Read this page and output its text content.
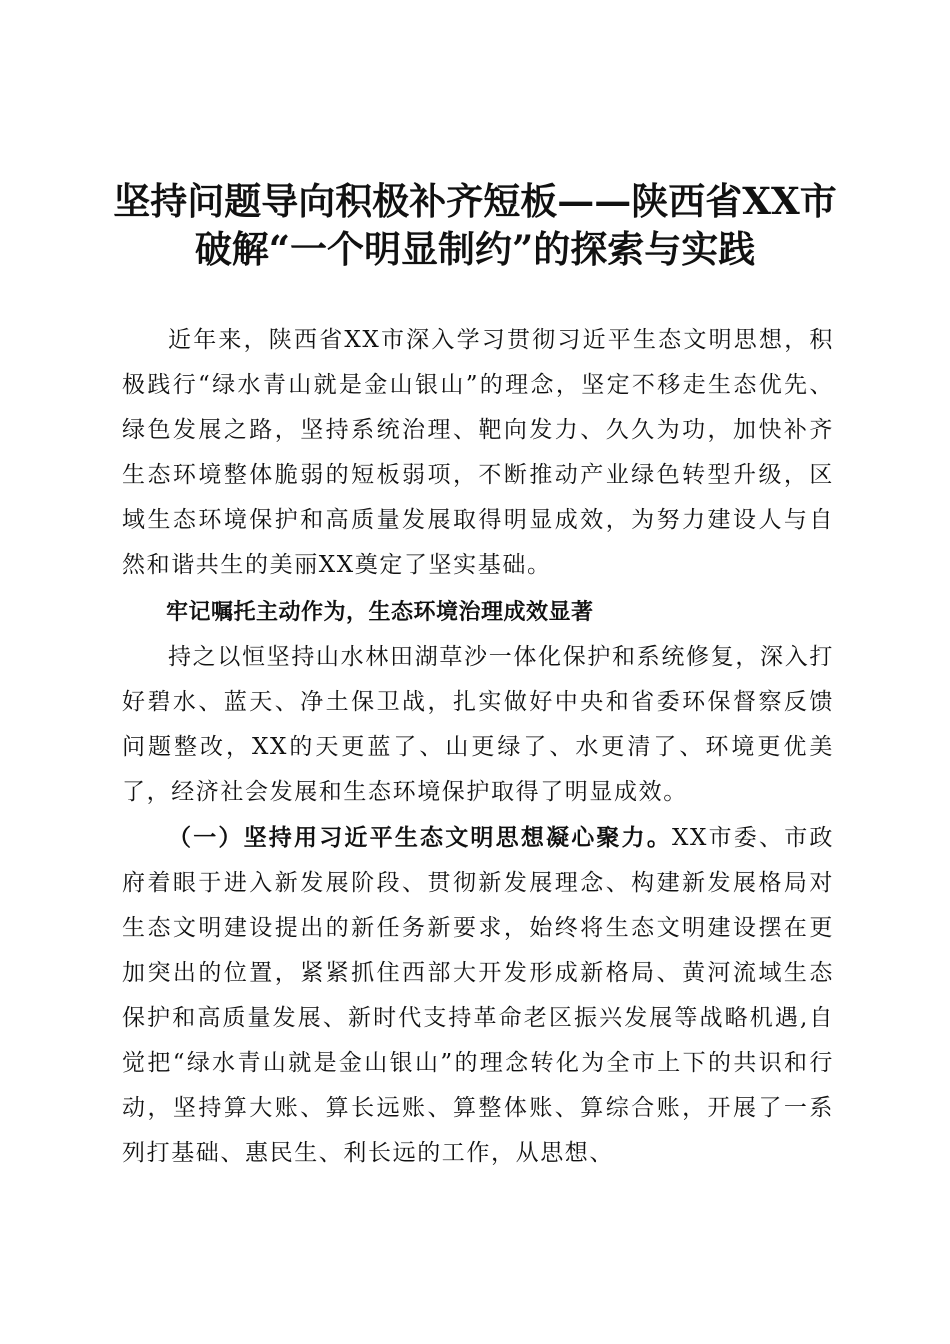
坚持问题导向积极补齐短板——陕西省XX市
破解“一个明显制约”的探索与实践

近年来，陕西省XX市深入学习贯彻习近平生态文明思想，积极践行“绿水青山就是金山银山”的理念，坚定不移走生态优先、绿色发展之路，坚持系统治理、靶向发力、久久为功，加快补齐生态环境整体脆弱的短板弱项，不断推动产业绿色转型升级，区域生态环境保护和高质量发展取得明显成效，为努力建设人与自然和谐共生的美丽XX奠定了坚实基础。

牢记嘱托主动作为，生态环境治理成效显著

持之以恒坚持山水林田湖草沙一体化保护和系统修复，深入打好碧水、蓝天、净土保卫战，扎实做好中央和省委环保督察反馈问题整改，XX的天更蓝了、山更绿了、水更清了、环境更优美了，经济社会发展和生态环境保护取得了明显成效。

（一）坚持用习近平生态文明思想凝心聚力。XX市委、市政府着眼于进入新发展阶段、贯彻新发展理念、构建新发展格局对生态文明建设提出的新任务新要求，始终将生态文明建设摆在更加突出的位置，紧紧抓住西部大开发形成新格局、黄河流域生态保护和高质量发展、新时代支持革命老区振兴发展等战略机遇,自觉把“绿水青山就是金山银山”的理念转化为全市上下的共识和行动，坚持算大账、算长远账、算整体账、算综合账，开展了一系列打基础、惠民生、利长远的工作，从思想、
